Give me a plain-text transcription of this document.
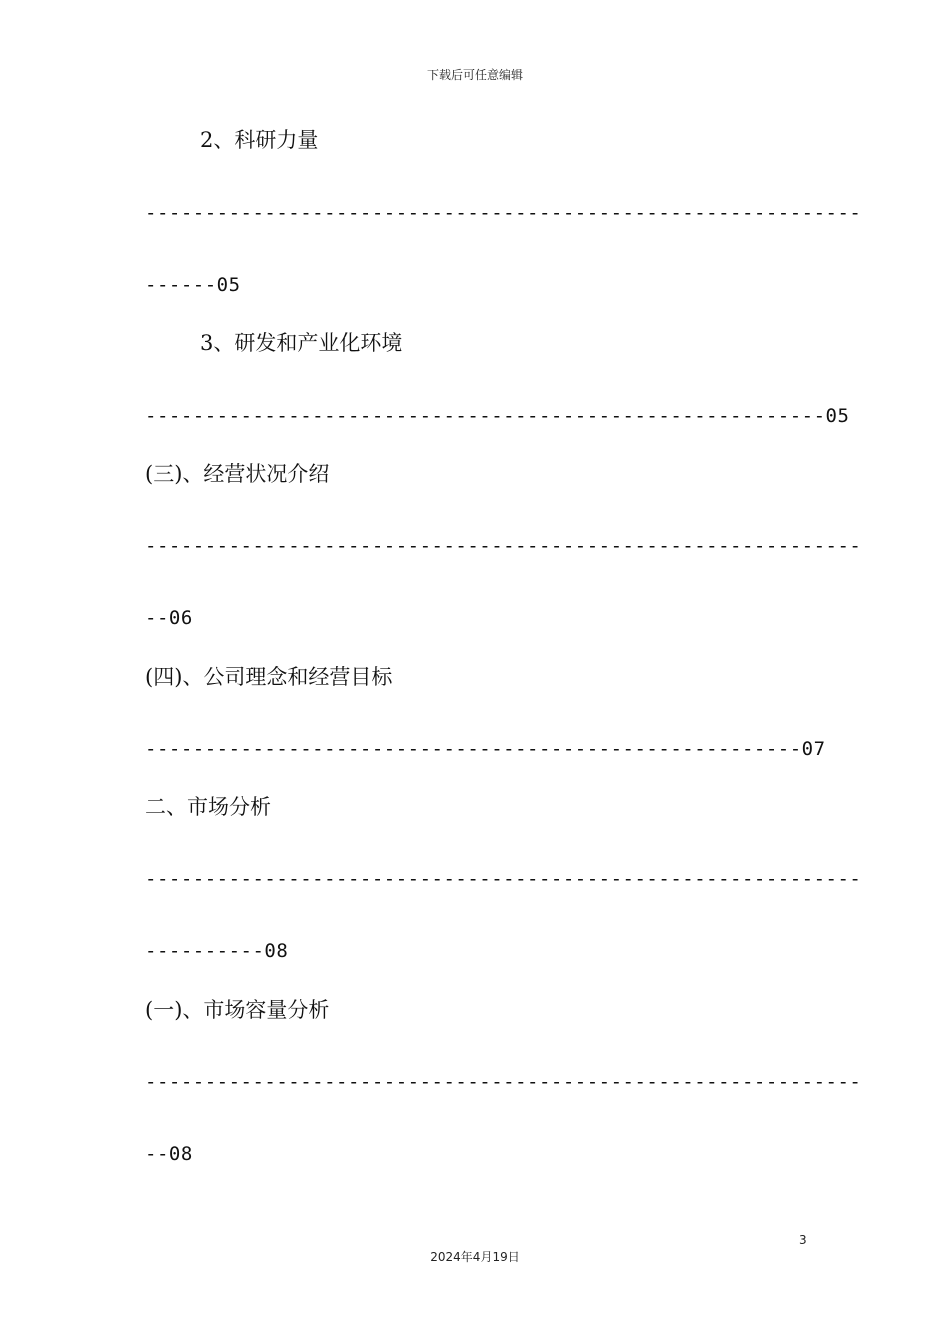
下载后可任意编辑
2、科研力量
------------------------------------------------------------
------05
3、研发和产业化环境
---------------------------------------------------------05
(三)、经营状况介绍
------------------------------------------------------------
--06
(四)、公司理念和经营目标
-------------------------------------------------------07
二、市场分析
------------------------------------------------------------
----------08
(一)、市场容量分析
------------------------------------------------------------
--08
3
2024年4月19日
